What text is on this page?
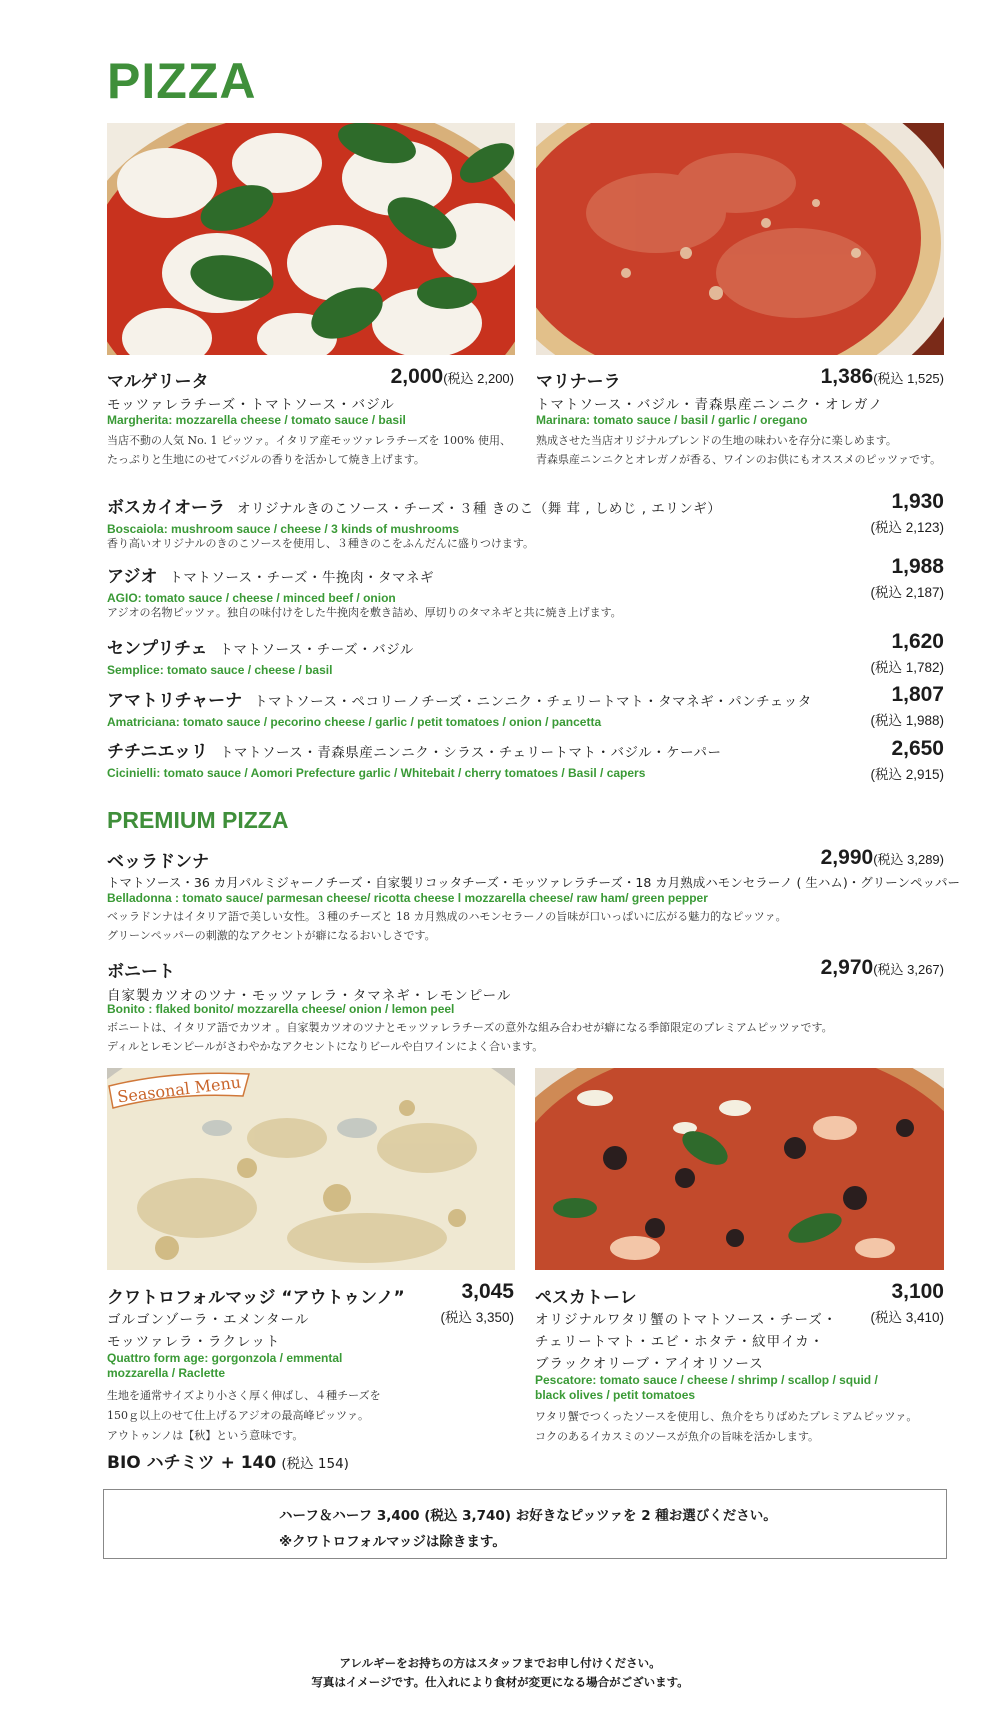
PIZZA
マルゲリータ	2,000(税込 2,200)
モッツァレラチーズ・トマトソース・バジル
Margherita: mozzarella cheese / tomato sauce / basil
当店不動の人気 No. 1 ピッツァ。イタリア産モッツァレラチーズを 100% 使用、
たっぷりと生地にのせてバジルの香りを活かして焼き上げます。
マリナーラ	1,386(税込 1,525)
トマトソース・バジル・青森県産ニンニク・オレガノ
Marinara: tomato sauce / basil / garlic / oregano
熟成させた当店オリジナルブレンドの生地の味わいを存分に楽しめます。
青森県産ニンニクとオレガノが香る、ワインのお供にもオススメのピッツァです。
ボスカイオーラ オリジナルきのこソース・チーズ・３種 きのこ（舞 茸 , しめじ , エリンギ）
Boscaiola: mushroom sauce / cheese / 3 kinds of mushrooms
香り高いオリジナルのきのこソースを使用し、３種きのこをふんだんに盛りつけます。
1,930
(税込 2,123)
アジオ トマトソース・チーズ・牛挽肉・タマネギ
AGIO: tomato sauce / cheese / minced beef / onion
アジオの名物ピッツァ。独自の味付けをした牛挽肉を敷き詰め、厚切りのタマネギと共に焼き上げます。
1,988
(税込 2,187)
センプリチェ トマトソース・チーズ・バジル
Semplice: tomato sauce / cheese / basil
1,620
(税込 1,782)
アマトリチャーナ トマトソース・ペコリーノチーズ・ニンニク・チェリートマト・タマネギ・パンチェッタ
Amatriciana: tomato sauce / pecorino cheese / garlic / petit tomatoes / onion / pancetta
1,807
(税込 1,988)
チチニエッリ トマトソース・青森県産ニンニク・シラス・チェリートマト・バジル・ケーパー
Cicinielli: tomato sauce / Aomori Prefecture garlic / Whitebait / cherry tomatoes / Basil / capers
2,650
(税込 2,915)
PREMIUM PIZZA
ベッラドンナ	2,990(税込 3,289)
トマトソース・36 カ月パルミジャーノチーズ・自家製リコッタチーズ・モッツァレラチーズ・18 カ月熟成ハモンセラーノ ( 生ハム)・グリーンペッパー
Belladonna : tomato sauce/ parmesan cheese/ ricotta cheese l mozzarella cheese/ raw ham/ green pepper
ベッラドンナはイタリア語で美しい女性。３種のチーズと 18 カ月熟成のハモンセラーノの旨味が口いっぱいに広がる魅力的なピッツァ。
グリーンペッパーの刺激的なアクセントが癖になるおいしさです。
ボニート	2,970(税込 3,267)
自家製カツオのツナ・モッツァレラ・タマネギ・レモンピール
Bonito : flaked bonito/ mozzarella cheese/ onion / lemon peel
ボニートは、イタリア語でカツオ 。自家製カツオのツナとモッツァレラチーズの意外な組み合わせが癖になる季節限定のプレミアムピッツァです。
ディルとレモンピールがさわやかなアクセントになりビールや白ワインによく合います。
Seasonal Menu
クワトロフォルマッジ “アウトゥンノ”	3,045
(税込 3,350)
ゴルゴンゾーラ・エメンタール
モッツァレラ・ラクレット
Quattro form age: gorgonzola / emmental
mozzarella / Raclette
生地を通常サイズより小さく厚く伸ばし、４種チーズを
150ｇ以上のせて仕上げるアジオの最高峰ピッツァ。
アウトゥンノは【秋】という意味です。
BIO ハチミツ + 140 (税込 154)
ペスカトーレ	3,100
(税込 3,410)
オリジナルワタリ蟹のトマトソース・チーズ・
チェリートマト・エビ・ホタテ・紋甲イカ・
ブラックオリーブ・アイオリソース
Pescatore: tomato sauce / cheese / shrimp / scallop / squid /
black olives / petit tomatoes
ワタリ蟹でつくったソースを使用し、魚介をちりばめたプレミアムピッツァ。
コクのあるイカスミのソースが魚介の旨味を活かします。
ハーフ＆ハーフ 3,400 (税込 3,740) お好きなピッツァを 2 種お選びください。
※クワトロフォルマッジは除きます。
アレルギーをお持ちの方はスタッフまでお申し付けください。
写真はイメージです。仕入れにより食材が変更になる場合がございます。
